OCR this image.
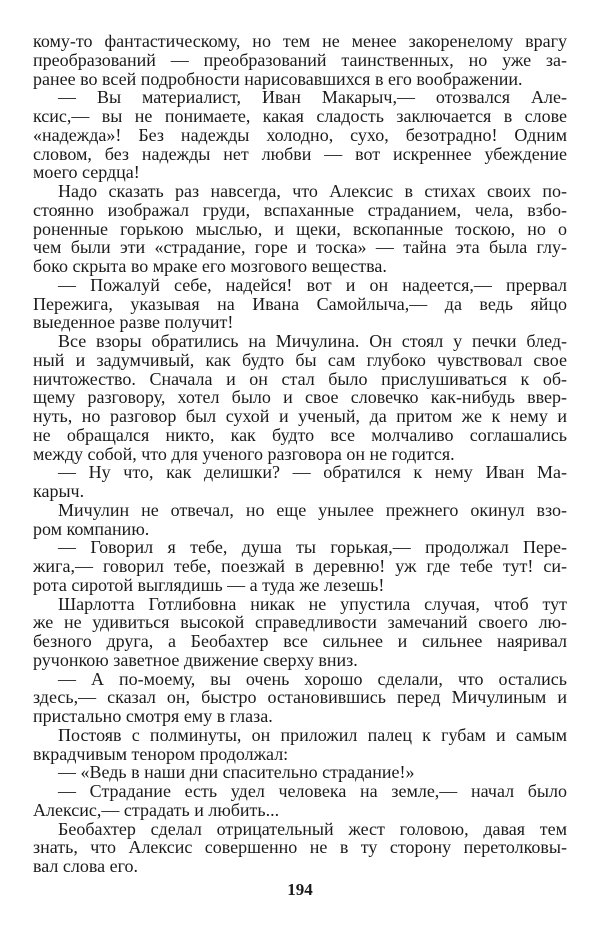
кому-то фантастическому, но тем не менее закоренелому врагу
преобразований — преобразований таинственных, но уже за-
ранее во всей подробности нарисовавшихся в его воображении.
— Вы материалист, Иван Макарыч,— отозвался Але-
ксис,— вы не понимаете, какая сладость заключается в слове
«надежда»! Без надежды холодно, сухо, безотрадно! Одним
словом, без надежды нет любви — вот искреннее убеждение
моего сердца!
Надо сказать раз навсегда, что Алексис в стихах своих по-
стоянно изображал груди, вспаханные страданием, чела, взбо-
роненные горькою мыслью, и щеки, вскопанные тоскою, но о
чем были эти «страдание, горе и тоска» — тайна эта была глу-
боко скрыта во мраке его мозгового вещества.
— Пожалуй себе, надейся! вот и он надеется,— прервал
Пережига, указывая на Ивана Самойлыча,— да ведь яйцо
выеденное разве получит!
Все взоры обратились на Мичулина. Он стоял у печки блед-
ный и задумчивый, как будто бы сам глубоко чувствовал свое
ничтожество. Сначала и он стал было прислушиваться к об-
щему разговору, хотел было и свое словечко как-нибудь ввер-
нуть, но разговор был сухой и ученый, да притом же к нему и
не обращался никто, как будто все молчаливо соглашались
между собой, что для ученого разговора он не годится.
— Ну что, как делишки? — обратился к нему Иван Ма-
карыч.
Мичулин не отвечал, но еще унылее прежнего окинул взо-
ром компанию.
— Говорил я тебе, душа ты горькая,— продолжал Пере-
жига,— говорил тебе, поезжай в деревню! уж где тебе тут! си-
рота сиротой выглядишь — а туда же лезешь!
Шарлотта Готлибовна никак не упустила случая, чтоб тут
же не удивиться высокой справедливости замечаний своего лю-
безного друга, а Беобахтер все сильнее и сильнее наяривал
ручонкою заветное движение сверху вниз.
— А по-моему, вы очень хорошо сделали, что остались
здесь,— сказал он, быстро остановившись перед Мичулиным и
пристально смотря ему в глаза.
Постояв с полминуты, он приложил палец к губам и самым
вкрадчивым тенором продолжал:
— «Ведь в наши дни спасительно страдание!»
— Страдание есть удел человека на земле,— начал было
Алексис,— страдать и любить...
Беобахтер сделал отрицательный жест головою, давая тем
знать, что Алексис совершенно не в ту сторону перетолковы-
вал слова его.
194
